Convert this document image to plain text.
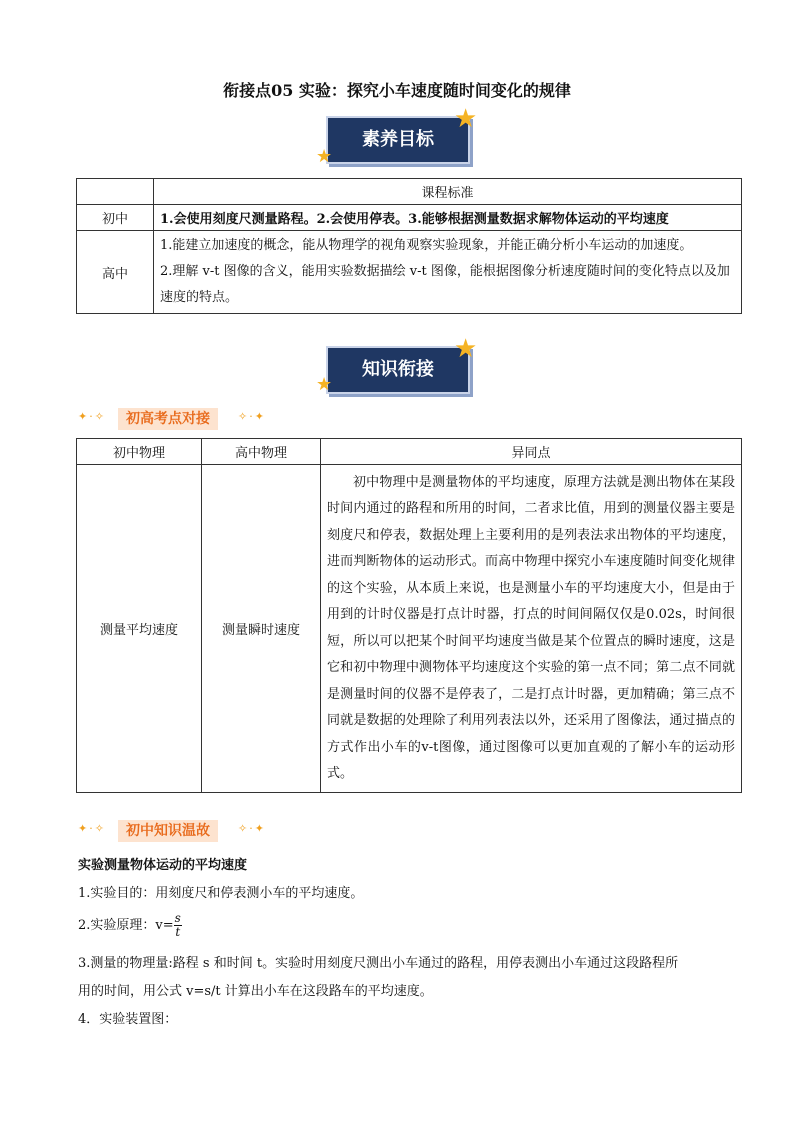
衔接点05 实验：探究小车速度随时间变化的规律
素养目标
★
★
	课程标准
初中	1.会使用刻度尺测量路程。2.会使用停表。3.能够根据测量数据求解物体运动的平均速度
高中	1.能建立加速度的概念，能从物理学的视角观察实验现象，并能正确分析小车运动的加速度。
2.理解 v-t 图像的含义，能用实验数据描绘 v-t 图像，能根据图像分析速度随时间的变化特点以及加速度的特点。
知识衔接
★
★
✦·✧	初高考点对接	✧·✦
初中物理	高中物理	异同点
测量平均速度	测量瞬时速度	初中物理中是测量物体的平均速度，原理方法就是测出物体在某段时间内通过的路程和所用的时间，二者求比值，用到的测量仪器主要是刻度尺和停表，数据处理上主要利用的是列表法求出物体的平均速度，进而判断物体的运动形式。而高中物理中探究小车速度随时间变化规律的这个实验，从本质上来说，也是测量小车的平均速度大小，但是由于用到的计时仪器是打点计时器，打点的时间间隔仅仅是0.02s，时间很短，所以可以把某个时间平均速度当做是某个位置点的瞬时速度，这是它和初中物理中测物体平均速度这个实验的第一点不同；第二点不同就是测量时间的仪器不是停表了，二是打点计时器，更加精确；第三点不同就是数据的处理除了利用列表法以外，还采用了图像法，通过描点的方式作出小车的v-t图像，通过图像可以更加直观的了解小车的运动形式。
✦·✧	初中知识温故	✧·✦
实验测量物体运动的平均速度
1.实验目的：用刻度尺和停表测小车的平均速度。
2.实验原理：$v= \frac{s}{t}$
3.测量的物理量:路程 s 和时间 t。实验时用刻度尺测出小车通过的路程，用停表测出小车通过这段路程所
用的时间，用公式 v=s/t 计算出小车在这段路车的平均速度。
4．实验装置图：
